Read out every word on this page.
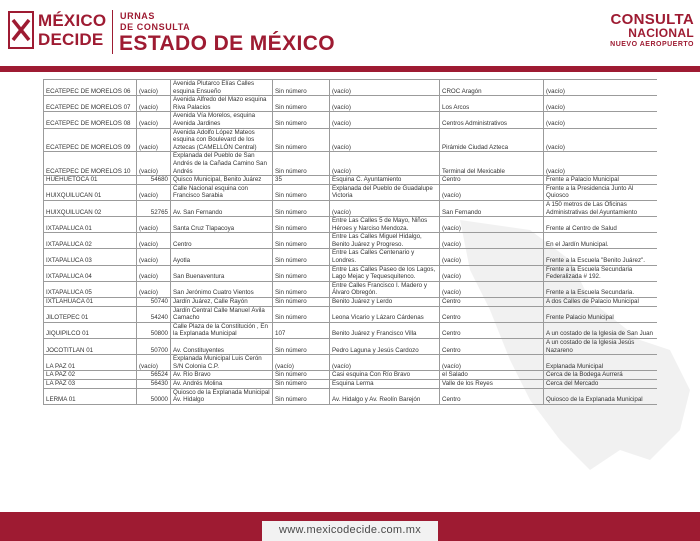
MÉXICO
DECIDE
URNAS
DE CONSULTA
ESTADO DE MÉXICO
CONSULTA
NACIONAL
NUEVO AEROPUERTO
ECATEPEC DE MORELOS 06	(vacío)	Avenida Plutarco Elías Calles esquina Ensueño	Sin número	(vacío)	CROC Aragón	(vacío)
ECATEPEC DE MORELOS 07	(vacío)	Avenida Alfredo del Mazo esquina Riva Palacios	Sin número	(vacío)	Los Arcos	(vacío)
ECATEPEC DE MORELOS 08	(vacío)	Avenida Vía Morelos, esquina Avenida Jardines	Sin número	(vacío)	Centros Administrativos	(vacío)
ECATEPEC DE MORELOS 09	(vacío)	Avenida Adolfo López Mateos esquina con Boulevard de los Aztecas (CAMELLÓN Central)	Sin número	(vacío)	Pirámide Ciudad Azteca	(vacío)
ECATEPEC DE MORELOS 10	(vacío)	Explanada del Pueblo de San Andrés de la Cañada Camino San Andrés	Sin número	(vacío)	Terminal del Mexicable	(vacío)
HUEHUETOCA 01	54680	Quisco Municipal, Benito Juárez	35	Esquina C. Ayuntamiento	Centro	Frente a Palacio Municipal
HUIXQUILUCAN 01	(vacío)	Calle Nacional esquina con Francisco Sarabia	Sin número	Explanada del Pueblo de Guadalupe Victoria	(vacío)	Frente a la Presidencia Junto Al Quiosco
HUIXQUILUCAN 02	52765	Av. San Fernando	Sin número	(vacío)	San Fernando	A 150 metros de Las Oficinas Administrativas del Ayuntamiento
IXTAPALUCA 01	(vacío)	Santa Cruz Tlapacoya	Sin número	Entre Las Calles 5 de Mayo, Niños Héroes y Narciso Mendoza.	(vacío)	Frente al Centro de Salud
IXTAPALUCA 02	(vacío)	Centro	Sin número	Entre Las Calles Miguel Hidalgo, Benito Juárez y Progreso.	(vacío)	En el Jardín Municipal.
IXTAPALUCA 03	(vacío)	Ayotla	Sin número	Entre Las Calles Centenario y Londres.	(vacío)	Frente a la Escuela "Benito Juárez".
IXTAPALUCA 04	(vacío)	San Buenaventura	Sin número	Entre Las Calles Paseo de los Lagos, Lago Mejac y Tequesquitenco.	(vacío)	Frente a la Escuela Secundaria Federalizada # 192.
IXTAPALUCA 05	(vacío)	San Jerónimo Cuatro Vientos	Sin número	Entre Calles Francisco I. Madero y Álvaro Obregón.	(vacío)	Frente a la Escuela Secundaria.
IXTLAHUACA 01	50740	Jardín Juárez, Calle Rayón	Sin número	Benito Juárez y Lerdo	Centro	A dos Calles de Palacio Municipal
JILOTEPEC 01	54240	Jardín Central Calle Manuel Ávila Camacho	Sin número	Leona Vicario y Lázaro Cárdenas	Centro	Frente Palacio Municipal
JIQUIPILCO 01	50800	Calle Plaza de la Constitución , En la Explanada Municipal	107	Benito Juárez y Francisco Villa	Centro	A un costado de la Iglesia de San Juan
JOCOTITLAN 01	50700	Av. Constituyentes	Sin número	Pedro Laguna y Jesús Cardozo	Centro	A un costado de la Iglesia Jesús Nazareno
LA PAZ 01	(vacío)	Explanada Municipal Luis Cerón S/N Colonia C.P.	(vacío)	(vacío)	(vacío)	Explanada Municipal
LA PAZ 02	56524	Av. Río Bravo	Sin número	Casi esquina Con Río Bravo	el Salado	Cerca de la Bodega Aurrerá
LA PAZ 03	56430	Av. Andrés Molina	Sin número	Esquina Lerma	Valle de los Reyes	Cerca del Mercado
LERMA 01	50000	Quiosco de la Explanada Municipal Av. Hidalgo	Sin número	Av. Hidalgo y Av. Reolín Barejón	Centro	Quiosco de la Explanada Municipal
www.mexicodecide.com.mx
